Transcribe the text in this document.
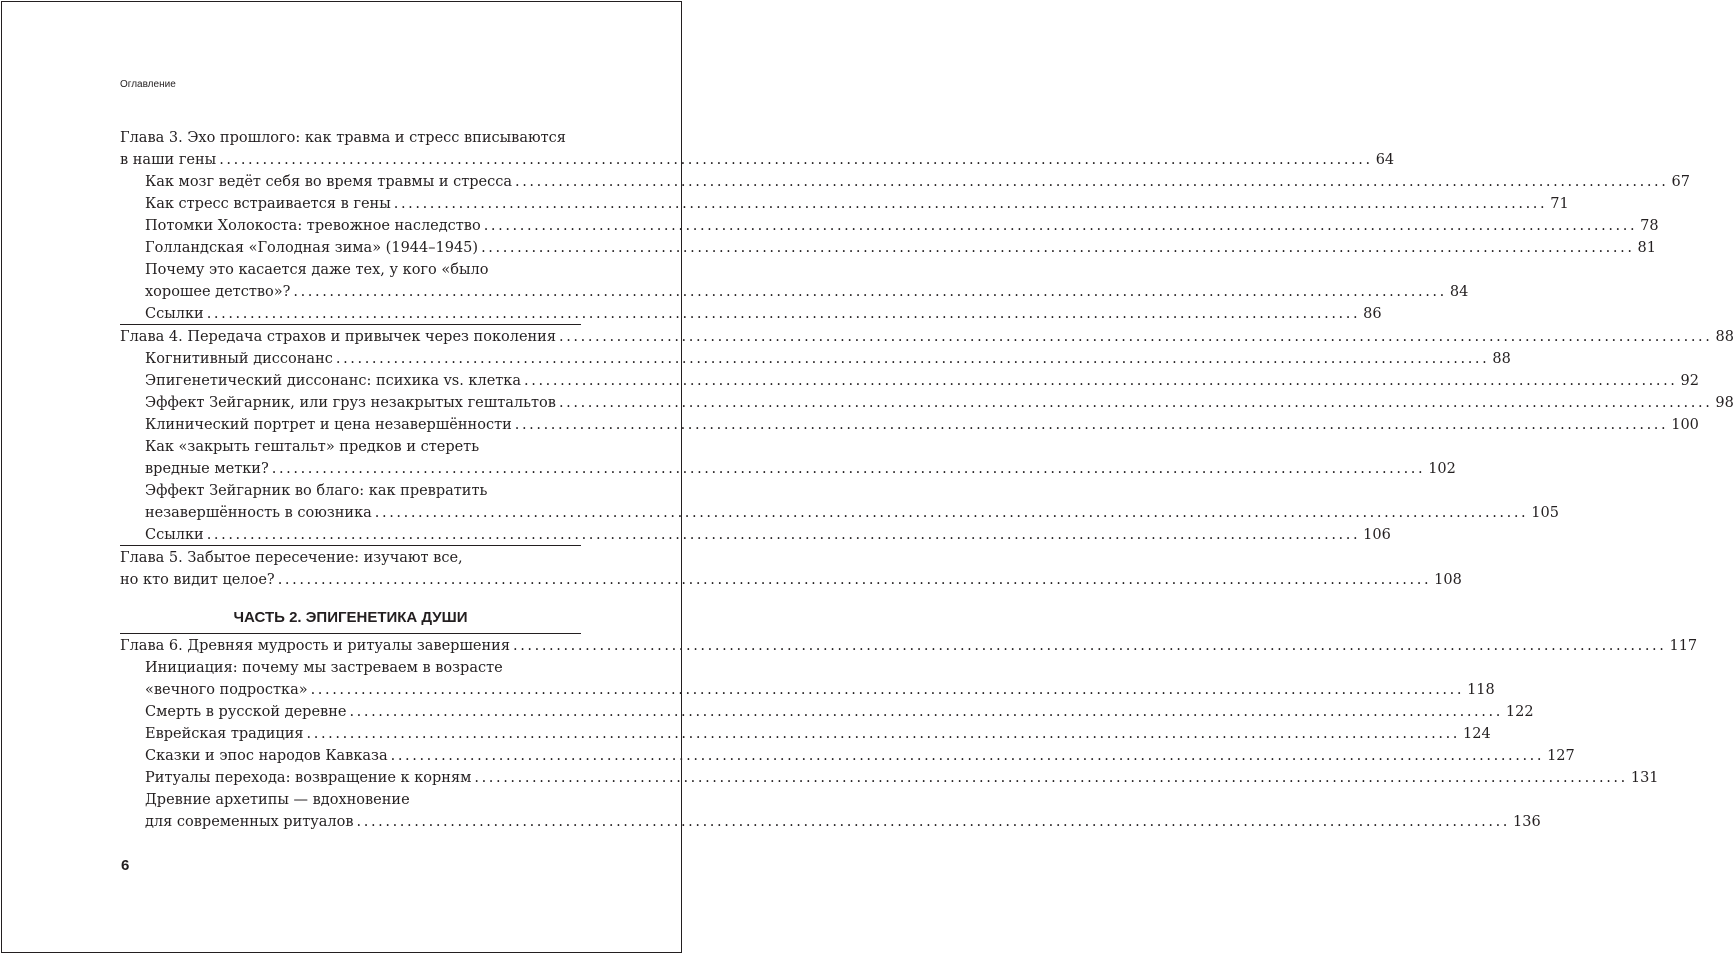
Оглавление
Глава 3. Эхо прошлого: как травма и стресс вписываются
в наши гены ................................................................................................................................................................ 64
Как мозг ведёт себя во время травмы и стресса ................................................................................................................................................................ 67
Как стресс встраивается в гены ................................................................................................................................................................ 71
Потомки Холокоста: тревожное наследство ................................................................................................................................................................ 78
Голландская «Голодная зима» (1944–1945) ................................................................................................................................................................ 81
Почему это касается даже тех, у кого «было
хорошее детство»? ................................................................................................................................................................ 84
Ссылки ................................................................................................................................................................ 86
Глава 4. Передача страхов и привычек через поколения ................................................................................................................................................................ 88
Когнитивный диссонанс ................................................................................................................................................................ 88
Эпигенетический диссонанс: психика vs. клетка ................................................................................................................................................................ 92
Эффект Зейгарник, или груз незакрытых гештальтов ................................................................................................................................................................ 98
Клинический портрет и цена незавершённости ................................................................................................................................................................ 100
Как «закрыть гештальт» предков и стереть
вредные метки? ................................................................................................................................................................ 102
Эффект Зейгарник во благо: как превратить
незавершённость в союзника ................................................................................................................................................................ 105
Ссылки ................................................................................................................................................................ 106
Глава 5. Забытое пересечение: изучают все,
но кто видит целое? ................................................................................................................................................................ 108
Глава 6. Древняя мудрость и ритуалы завершения ................................................................................................................................................................ 117
Инициация: почему мы застреваем в возрасте
«вечного подростка» ................................................................................................................................................................ 118
Смерть в русской деревне ................................................................................................................................................................ 122
Еврейская традиция ................................................................................................................................................................ 124
Сказки и эпос народов Кавказа ................................................................................................................................................................ 127
Ритуалы перехода: возвращение к корням ................................................................................................................................................................ 131
Древние архетипы — вдохновение
для современных ритуалов ................................................................................................................................................................ 136
ЧАСТЬ 2. ЭПИГЕНЕТИКА ДУШИ
6
